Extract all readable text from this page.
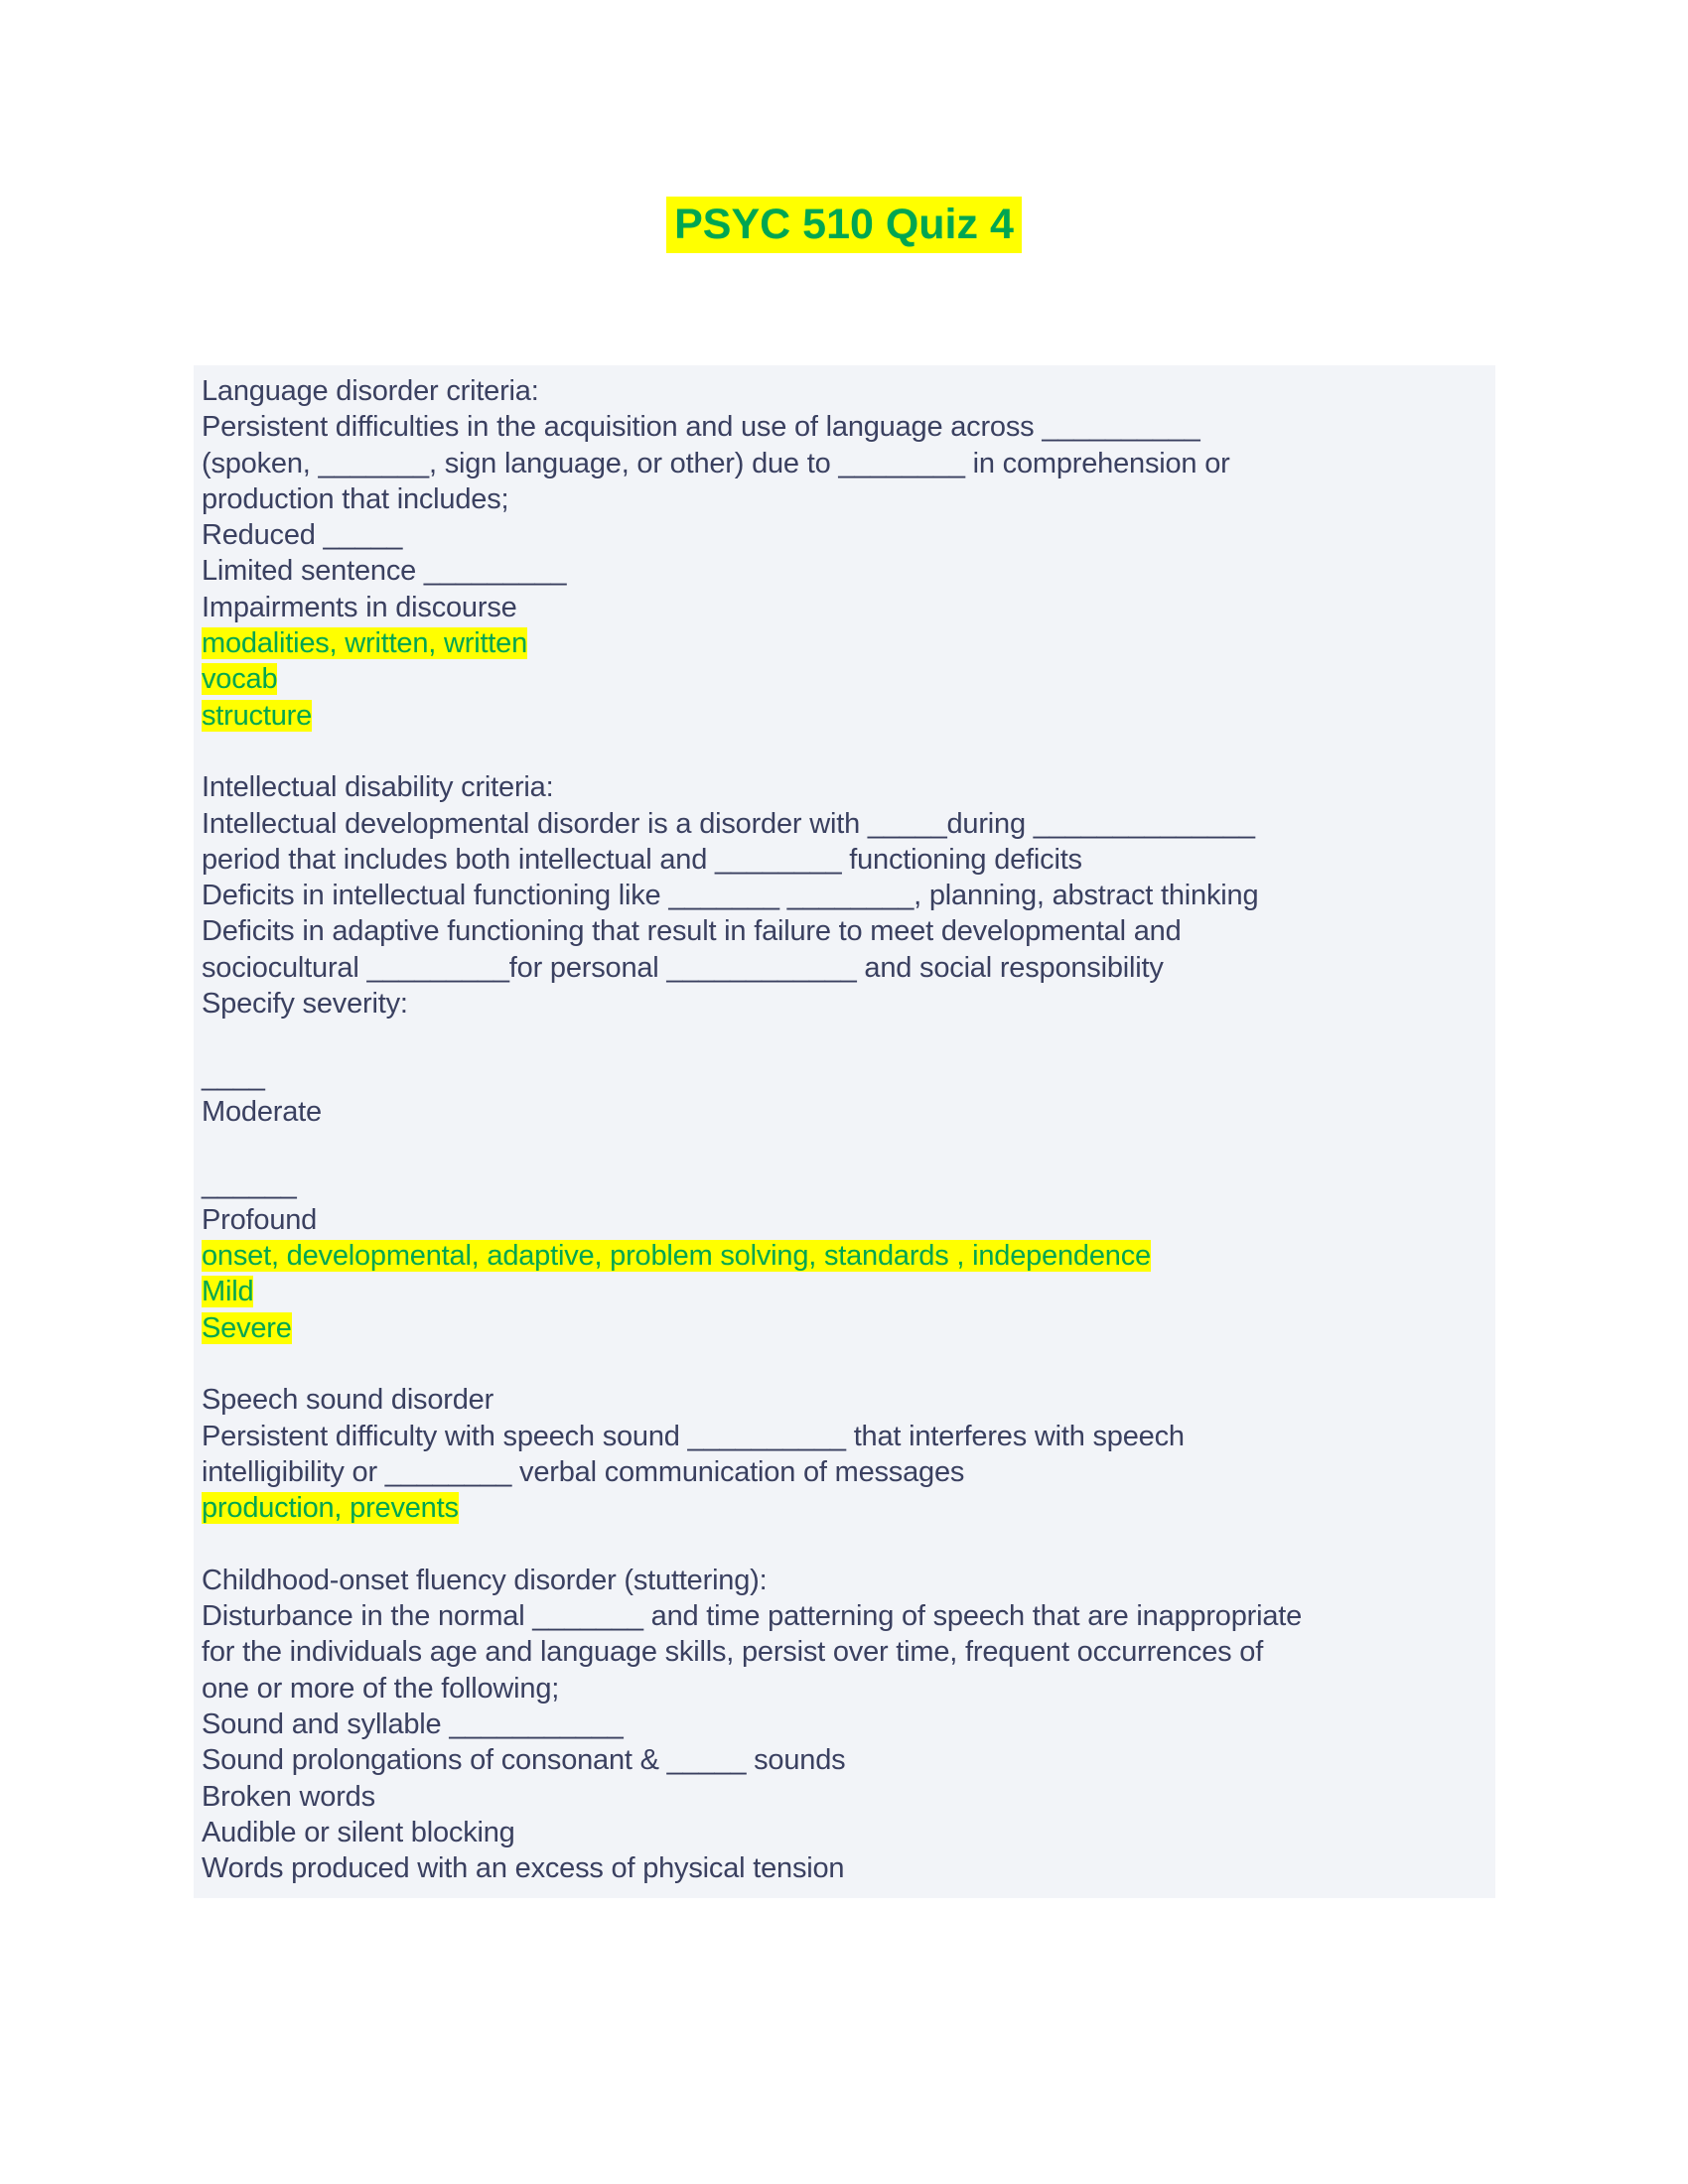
PSYC 510 Quiz 4
Language disorder criteria:
Persistent difficulties in the acquisition and use of language across __________
(spoken, _______, sign language, or other) due to ________ in comprehension or
production that includes;
Reduced _____
Limited sentence _________
Impairments in discourse
modalities, written, written
vocab
structure
Intellectual disability criteria:
Intellectual developmental disorder is a disorder with _____during ______________
period that includes both intellectual and ________ functioning deficits
Deficits in intellectual functioning like _______ ________, planning, abstract thinking
Deficits in adaptive functioning that result in failure to meet developmental and
sociocultural _________for personal ____________ and social responsibility
Specify severity:
____
Moderate
______
Profound
onset, developmental, adaptive, problem solving, standards , independence
Mild
Severe
Speech sound disorder
Persistent difficulty with speech sound __________ that interferes with speech
intelligibility or ________ verbal communication of messages
production, prevents
Childhood-onset fluency disorder (stuttering):
Disturbance in the normal _______ and time patterning of speech that are inappropriate
for the individuals age and language skills, persist over time, frequent occurrences of
one or more of the following;
Sound and syllable ___________
Sound prolongations of consonant & _____ sounds
Broken words
Audible or silent blocking
Words produced with an excess of physical tension
